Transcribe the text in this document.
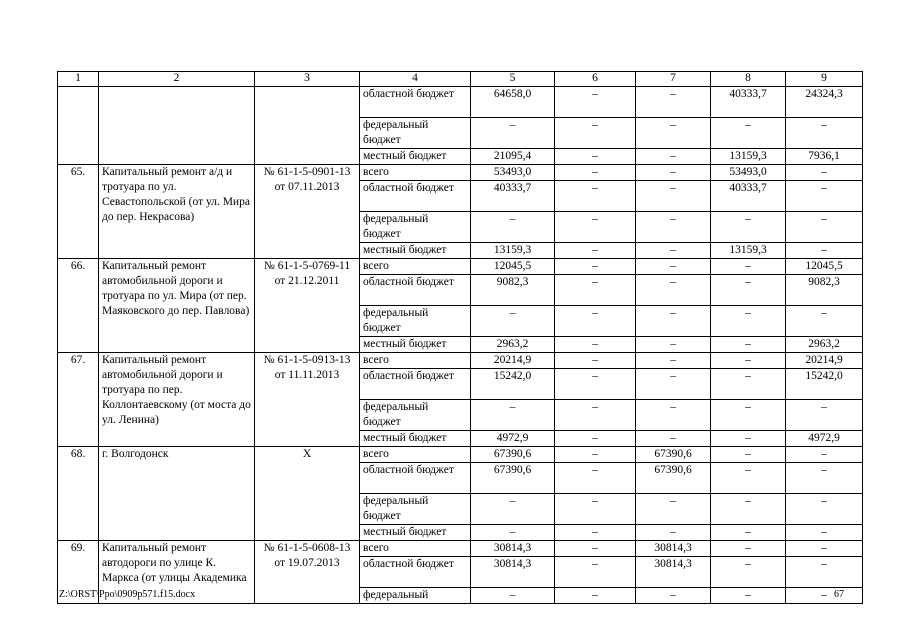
1	2	3	4	5	6	7	8	9
			областной бюджет	64658,0	–	–	40333,7	24324,3
			федеральный бюджет	–	–	–	–	–
			местный бюджет	21095,4	–	–	13159,3	7936,1
65.	Капитальный ремонт а/д и тротуара по ул. Севастопольской (от ул. Мира до пер. Некрасова)	№ 61-1-5-0901-13 от 07.11.2013	всего	53493,0	–	–	53493,0	–
			областной бюджет	40333,7	–	–	40333,7	–
			федеральный бюджет	–	–	–	–	–
			местный бюджет	13159,3	–	–	13159,3	–
66.	Капитальный ремонт автомобильной дороги и тротуара по ул. Мира (от пер. Маяковского до пер. Павлова)	№ 61-1-5-0769-11 от 21.12.2011	всего	12045,5	–	–	–	12045,5
			областной бюджет	9082,3	–	–	–	9082,3
			федеральный бюджет	–	–	–	–	–
			местный бюджет	2963,2	–	–	–	2963,2
67.	Капитальный ремонт автомобильной дороги и тротуара по пер. Коллонтаевскому (от моста до ул. Ленина)	№ 61-1-5-0913-13 от 11.11.2013	всего	20214,9	–	–	–	20214,9
			областной бюджет	15242,0	–	–	–	15242,0
			федеральный бюджет	–	–	–	–	–
			местный бюджет	4972,9	–	–	–	4972,9
68.	г. Волгодонск	Х	всего	67390,6	–	67390,6	–	–
			областной бюджет	67390,6	–	67390,6	–	–
			федеральный бюджет	–	–	–	–	–
			местный бюджет	–	–	–	–	–
69.	Капитальный ремонт автодороги по улице К. Маркса (от улицы Академика	№ 61-1-5-0608-13 от 19.07.2013	всего	30814,3	–	30814,3	–	–
			областной бюджет	30814,3	–	30814,3	–	–
			федеральный	–	–	–	–	–
Z:\ORST\Ppo\0909p571.f15.docx	67
